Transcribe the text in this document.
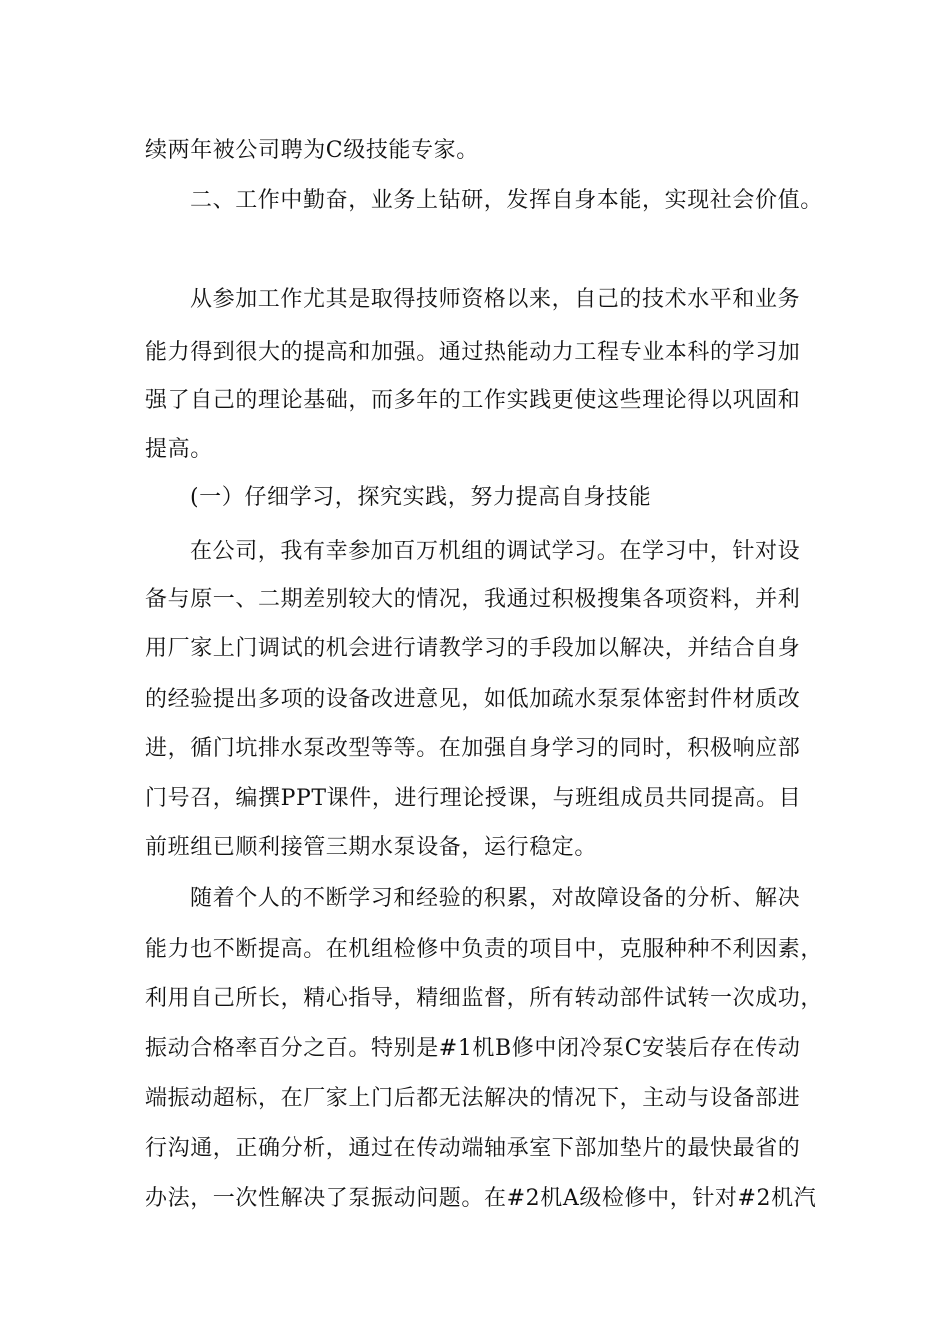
续两年被公司聘为C级技能专家。
二、工作中勤奋，业务上钻研，发挥自身本能，实现社会价值。
从参加工作尤其是取得技师资格以来，自己的技术水平和业务
能力得到很大的提高和加强。通过热能动力工程专业本科的学习加
强了自己的理论基础，而多年的工作实践更使这些理论得以巩固和
提高。
(一）仔细学习，探究实践，努力提高自身技能
在公司，我有幸参加百万机组的调试学习。在学习中，针对设
备与原一、二期差别较大的情况，我通过积极搜集各项资料，并利
用厂家上门调试的机会进行请教学习的手段加以解决，并结合自身
的经验提出多项的设备改进意见，如低加疏水泵泵体密封件材质改
进，循门坑排水泵改型等等。在加强自身学习的同时，积极响应部
门号召，编撰PPT课件，进行理论授课，与班组成员共同提高。目
前班组已顺利接管三期水泵设备，运行稳定。
随着个人的不断学习和经验的积累，对故障设备的分析、解决
能力也不断提高。在机组检修中负责的项目中，克服种种不利因素，
利用自己所长，精心指导，精细监督，所有转动部件试转一次成功，
振动合格率百分之百。特别是#1机B修中闭冷泵C安装后存在传动
端振动超标，在厂家上门后都无法解决的情况下，主动与设备部进
行沟通，正确分析，通过在传动端轴承室下部加垫片的最快最省的
办法，一次性解决了泵振动问题。在#2机A级检修中，针对#2机汽
